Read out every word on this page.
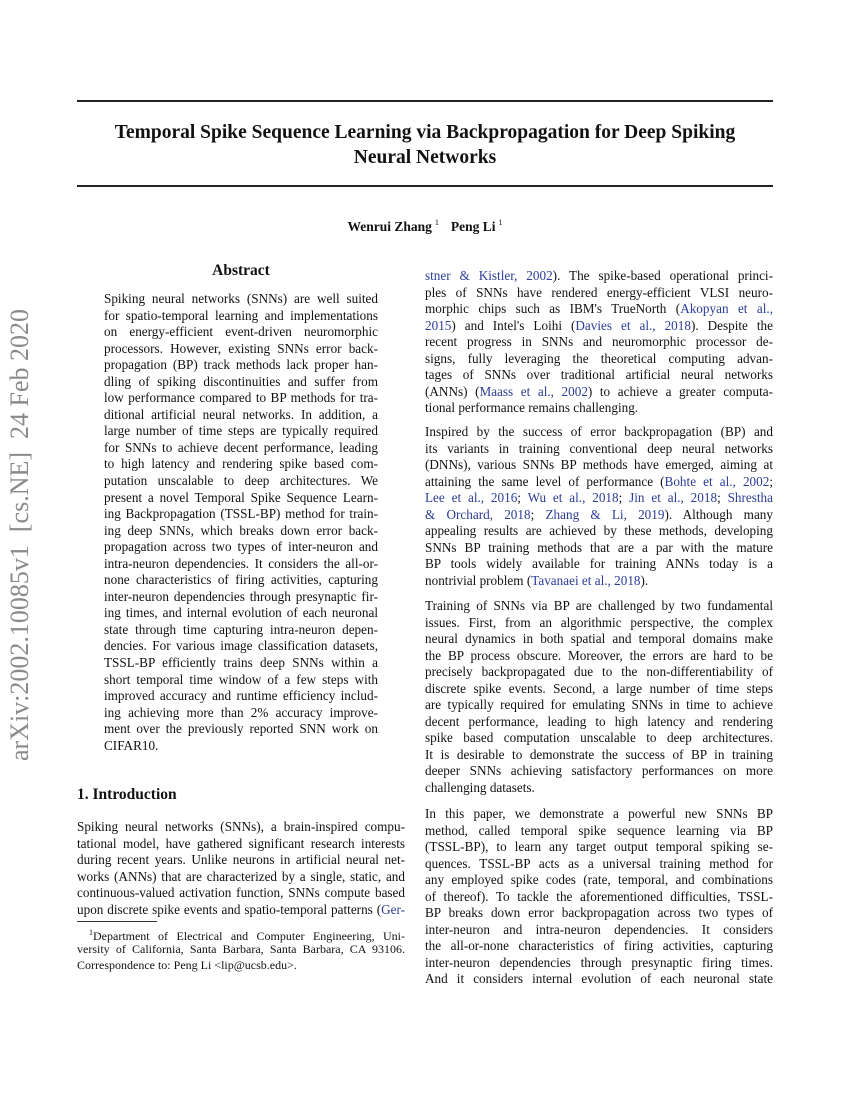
arXiv:2002.10085v1  [cs.NE]  24 Feb 2020
Temporal Spike Sequence Learning via Backpropagation for Deep Spiking
Neural Networks
Wenrui Zhang $^1$ Peng Li $^1$
Abstract
Spiking neural networks (SNNs) are well suited
for spatio-temporal learning and implementations
on energy-efficient event-driven neuromorphic
processors. However, existing SNNs error back-
propagation (BP) track methods lack proper han-
dling of spiking discontinuities and suffer from
low performance compared to BP methods for tra-
ditional artificial neural networks. In addition, a
large number of time steps are typically required
for SNNs to achieve decent performance, leading
to high latency and rendering spike based com-
putation unscalable to deep architectures. We
present a novel Temporal Spike Sequence Learn-
ing Backpropagation (TSSL-BP) method for train-
ing deep SNNs, which breaks down error back-
propagation across two types of inter-neuron and
intra-neuron dependencies. It considers the all-or-
none characteristics of firing activities, capturing
inter-neuron dependencies through presynaptic fir-
ing times, and internal evolution of each neuronal
state through time capturing intra-neuron depen-
dencies. For various image classification datasets,
TSSL-BP efficiently trains deep SNNs within a
short temporal time window of a few steps with
improved accuracy and runtime efficiency includ-
ing achieving more than 2% accuracy improve-
ment over the previously reported SNN work on
CIFAR10.
1. Introduction
Spiking neural networks (SNNs), a brain-inspired compu-
tational model, have gathered significant research interests
during recent years. Unlike neurons in artificial neural net-
works (ANNs) that are characterized by a single, static, and
continuous-valued activation function, SNNs compute based
upon discrete spike events and spatio-temporal patterns (Ger-
$^1$Department of Electrical and Computer Engineering, Uni-
versity of California, Santa Barbara, Santa Barbara, CA 93106.
Correspondence to: Peng Li <lip@ucsb.edu>.
stner & Kistler, 2002). The spike-based operational princi-
ples of SNNs have rendered energy-efficient VLSI neuro-
morphic chips such as IBM's TrueNorth (Akopyan et al.,
2015) and Intel's Loihi (Davies et al., 2018). Despite the
recent progress in SNNs and neuromorphic processor de-
signs, fully leveraging the theoretical computing advan-
tages of SNNs over traditional artificial neural networks
(ANNs) (Maass et al., 2002) to achieve a greater computa-
tional performance remains challenging.
Inspired by the success of error backpropagation (BP) and
its variants in training conventional deep neural networks
(DNNs), various SNNs BP methods have emerged, aiming at
attaining the same level of performance (Bohte et al., 2002;
Lee et al., 2016; Wu et al., 2018; Jin et al., 2018; Shrestha
& Orchard, 2018; Zhang & Li, 2019). Although many
appealing results are achieved by these methods, developing
SNNs BP training methods that are a par with the mature
BP tools widely available for training ANNs today is a
nontrivial problem (Tavanaei et al., 2018).
Training of SNNs via BP are challenged by two fundamental
issues. First, from an algorithmic perspective, the complex
neural dynamics in both spatial and temporal domains make
the BP process obscure. Moreover, the errors are hard to be
precisely backpropagated due to the non-differentiability of
discrete spike events. Second, a large number of time steps
are typically required for emulating SNNs in time to achieve
decent performance, leading to high latency and rendering
spike based computation unscalable to deep architectures.
It is desirable to demonstrate the success of BP in training
deeper SNNs achieving satisfactory performances on more
challenging datasets.
In this paper, we demonstrate a powerful new SNNs BP
method, called temporal spike sequence learning via BP
(TSSL-BP), to learn any target output temporal spiking se-
quences. TSSL-BP acts as a universal training method for
any employed spike codes (rate, temporal, and combinations
of thereof). To tackle the aforementioned difficulties, TSSL-
BP breaks down error backpropagation across two types of
inter-neuron and intra-neuron dependencies. It considers
the all-or-none characteristics of firing activities, capturing
inter-neuron dependencies through presynaptic firing times.
And it considers internal evolution of each neuronal state
